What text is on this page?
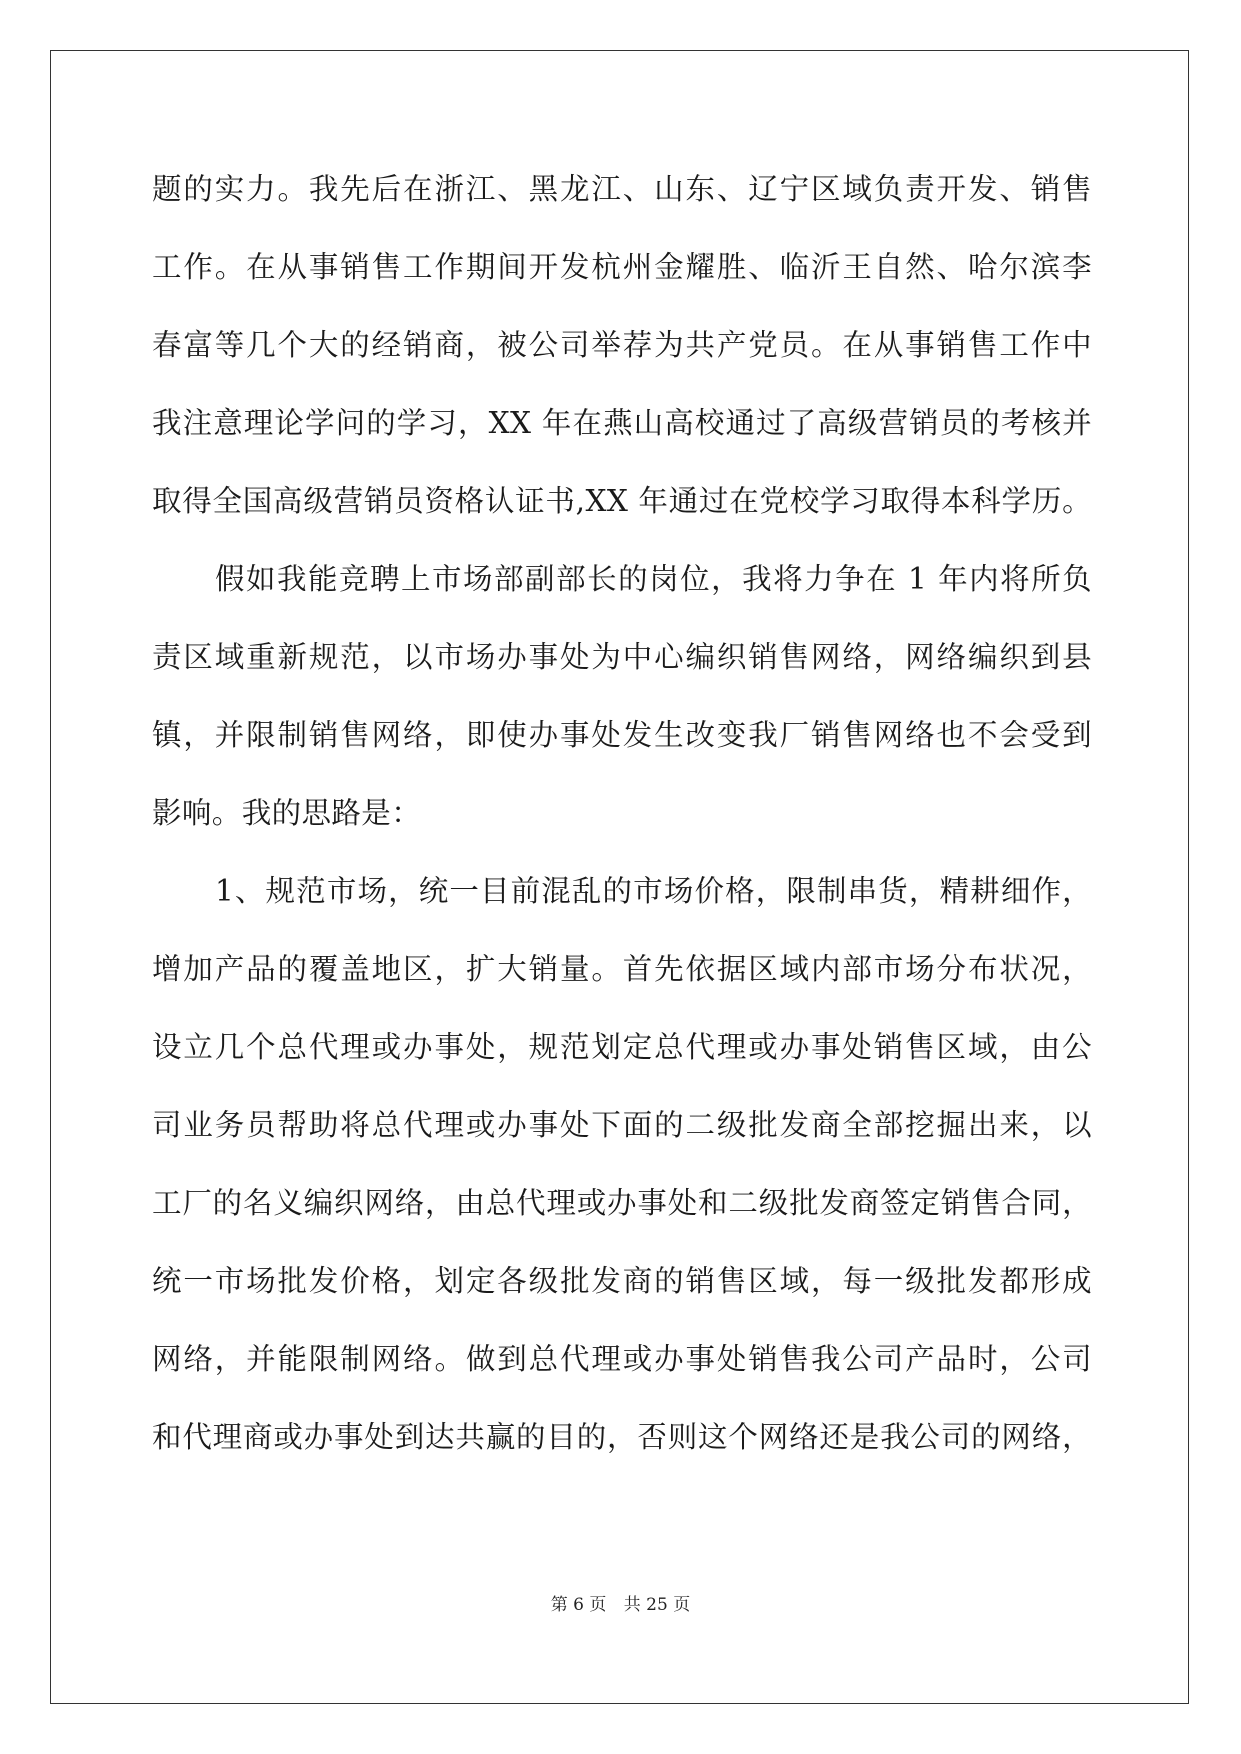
题的实力。我先后在浙江、黑龙江、山东、辽宁区域负责开发、销售
工作。在从事销售工作期间开发杭州金耀胜、临沂王自然、哈尔滨李
春富等几个大的经销商，被公司举荐为共产党员。在从事销售工作中
我注意理论学问的学习，XX 年在燕山高校通过了高级营销员的考核并
取得全国高级营销员资格认证书,XX 年通过在党校学习取得本科学历。
假如我能竞聘上市场部副部长的岗位，我将力争在 1 年内将所负
责区域重新规范，以市场办事处为中心编织销售网络，网络编织到县
镇，并限制销售网络，即使办事处发生改变我厂销售网络也不会受到
影响。我的思路是：
1、规范市场，统一目前混乱的市场价格，限制串货，精耕细作，
增加产品的覆盖地区，扩大销量。首先依据区域内部市场分布状况，
设立几个总代理或办事处，规范划定总代理或办事处销售区域，由公
司业务员帮助将总代理或办事处下面的二级批发商全部挖掘出来，以
工厂的名义编织网络，由总代理或办事处和二级批发商签定销售合同，
统一市场批发价格，划定各级批发商的销售区域，每一级批发都形成
网络，并能限制网络。做到总代理或办事处销售我公司产品时，公司
和代理商或办事处到达共赢的目的，否则这个网络还是我公司的网络，
第 6 页 共 25 页
